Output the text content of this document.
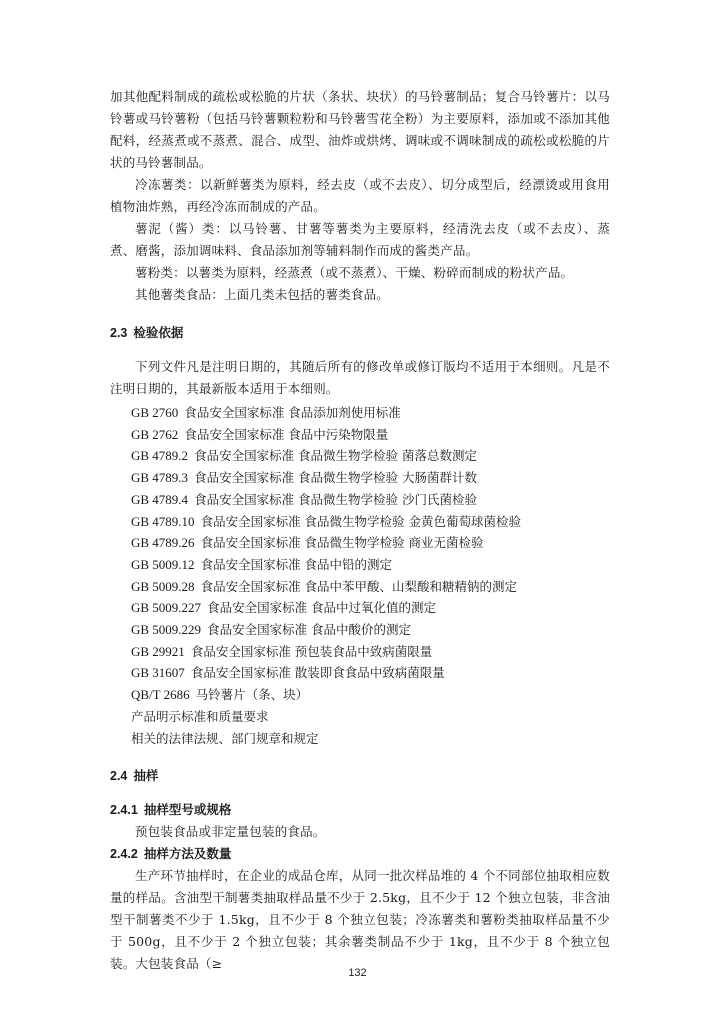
加其他配料制成的疏松或松脆的片状（条状、块状）的马铃薯制品；复合马铃薯片：以马铃薯或马铃薯粉（包括马铃薯颗粒粉和马铃薯雪花全粉）为主要原料，添加或不添加其他配料，经蒸煮或不蒸煮、混合、成型、油炸或烘烤、调味或不调味制成的疏松或松脆的片状的马铃薯制品。

冷冻薯类：以新鲜薯类为原料，经去皮（或不去皮）、切分成型后，经漂烫或用食用植物油炸熟，再经冷冻而制成的产品。

薯泥（酱）类：以马铃薯、甘薯等薯类为主要原料，经清洗去皮（或不去皮）、蒸煮、磨酱，添加调味料、食品添加剂等辅料制作而成的酱类产品。

薯粉类：以薯类为原料，经蒸煮（或不蒸煮）、干燥、粉碎而制成的粉状产品。

其他薯类食品：上面几类未包括的薯类食品。

2.3 检验依据

下列文件凡是注明日期的，其随后所有的修改单或修订版均不适用于本细则。凡是不注明日期的，其最新版本适用于本细则。

GB 2760 食品安全国家标准 食品添加剂使用标准
GB 2762 食品安全国家标准 食品中污染物限量
GB 4789.2 食品安全国家标准 食品微生物学检验 菌落总数测定
GB 4789.3 食品安全国家标准 食品微生物学检验 大肠菌群计数
GB 4789.4 食品安全国家标准 食品微生物学检验 沙门氏菌检验
GB 4789.10 食品安全国家标准 食品微生物学检验 金黄色葡萄球菌检验
GB 4789.26 食品安全国家标准 食品微生物学检验 商业无菌检验
GB 5009.12 食品安全国家标准 食品中铅的测定
GB 5009.28 食品安全国家标准 食品中苯甲酸、山梨酸和糖精钠的测定
GB 5009.227 食品安全国家标准 食品中过氧化值的测定
GB 5009.229 食品安全国家标准 食品中酸价的测定
GB 29921 食品安全国家标准 预包装食品中致病菌限量
GB 31607 食品安全国家标准 散装即食食品中致病菌限量
QB/T 2686 马铃薯片（条、块）
产品明示标准和质量要求
相关的法律法规、部门规章和规定
2.4 抽样
2.4.1 抽样型号或规格

预包装食品或非定量包装的食品。

2.4.2 抽样方法及数量

生产环节抽样时，在企业的成品仓库，从同一批次样品堆的 4 个不同部位抽取相应数量的样品。含油型干制薯类抽取样品量不少于 2.5kg，且不少于 12 个独立包装，非含油型干制薯类不少于 1.5kg，且不少于 8 个独立包装；冷冻薯类和薯粉类抽取样品量不少于 500g，且不少于 2 个独立包装；其余薯类制品不少于 1kg，且不少于 8 个独立包装。大包装食品（≥

132
